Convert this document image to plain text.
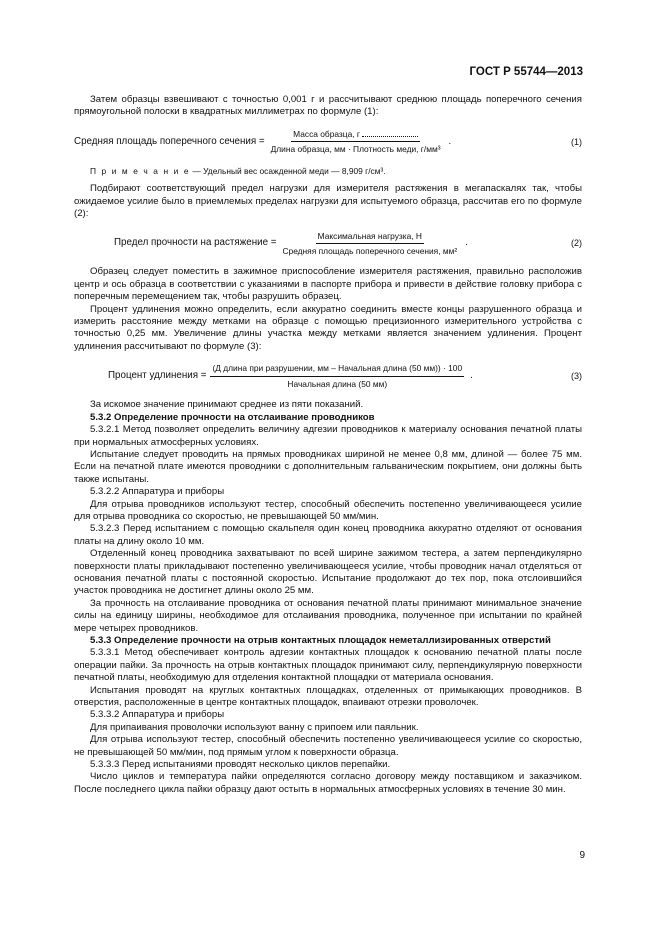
ГОСТ Р 55744—2013

Затем образцы взвешивают с точностью 0,001 г и рассчитывают среднюю площадь поперечного сечения прямоугольной полоски в квадратных миллиметрах по формуле (1):

Средняя площадь поперечного сечения = $\frac{\text{Масса образца, г}}{\text{Длина образца, мм · Плотность меди, г/мм³}}$ .	(1)

П р и м е ч а н и е — Удельный вес осажденной меди — 8,909 г/см³.

Подбирают соответствующий предел нагрузки для измерителя растяжения в мегапаскалях так, чтобы ожидаемое усилие было в приемлемых пределах нагрузки для испытуемого образца, рассчитав его по формуле (2):

Предел прочности на растяжение = $\frac{\text{Максимальная нагрузка, Н}}{\text{Средняя площадь поперечного сечения, мм²}}$ .	(2)

Образец следует поместить в зажимное приспособление измерителя растяжения, правильно расположив центр и ось образца в соответствии с указаниями в паспорте прибора и привести в действие головку прибора с поперечным перемещением так, чтобы разрушить образец.

Процент удлинения можно определить, если аккуратно соединить вместе концы разрушенного образца и измерить расстояние между метками на образце с помощью прецизионного измерительного устройства с точностью 0,25 мм. Увеличение длины участка между метками является значением удлинения. Процент удлинения рассчитывают по формуле (3):

Процент удлинения = $\frac{\text{(Д длина при разрушении, мм – Начальная длина (50 мм)) · 100}}{\text{Начальная длина (50 мм)}}$ .	(3)

За искомое значение принимают среднее из пяти показаний.

5.3.2 Определение прочности на отслаивание проводников

5.3.2.1 Метод позволяет определить величину адгезии проводников к материалу основания печатной платы при нормальных атмосферных условиях.

Испытание следует проводить на прямых проводниках шириной не менее 0,8 мм, длиной — более 75 мм. Если на печатной плате имеются проводники с дополнительным гальваническим покрытием, они должны быть также испытаны.

5.3.2.2 Аппаратура и приборы

Для отрыва проводников используют тестер, способный обеспечить постепенно увеличивающееся усилие для отрыва проводника со скоростью, не превышающей 50 мм/мин.

5.3.2.3 Перед испытанием с помощью скальпеля один конец проводника аккуратно отделяют от основания платы на длину около 10 мм.

Отделенный конец проводника захватывают по всей ширине зажимом тестера, а затем перпендикулярно поверхности платы прикладывают постепенно увеличивающееся усилие, чтобы проводник начал отделяться от основания печатной платы с постоянной скоростью. Испытание продолжают до тех пор, пока отслоившийся участок проводника не достигнет длины около 25 мм.

За прочность на отслаивание проводника от основания печатной платы принимают минимальное значение силы на единицу ширины, необходимое для отслаивания проводника, полученное при испытании по крайней мере четырех проводников.

5.3.3 Определение прочности на отрыв контактных площадок неметаллизированных отверстий

5.3.3.1 Метод обеспечивает контроль адгезии контактных площадок к основанию печатной платы после операции пайки. За прочность на отрыв контактных площадок принимают силу, перпендикулярную поверхности печатной платы, необходимую для отделения контактной площадки от материала основания.

Испытания проводят на круглых контактных площадках, отделенных от примыкающих проводников. В отверстия, расположенные в центре контактных площадок, впаивают отрезки проволочек.

5.3.3.2 Аппаратура и приборы

Для припаивания проволочки используют ванну с припоем или паяльник.

Для отрыва используют тестер, способный обеспечить постепенно увеличивающееся усилие со скоростью, не превышающей 50 мм/мин, под прямым углом к поверхности образца.

5.3.3.3 Перед испытаниями проводят несколько циклов перепайки.

Число циклов и температура пайки определяются согласно договору между поставщиком и заказчиком. После последнего цикла пайки образцу дают остыть в нормальных атмосферных условиях в течение 30 мин.

9
